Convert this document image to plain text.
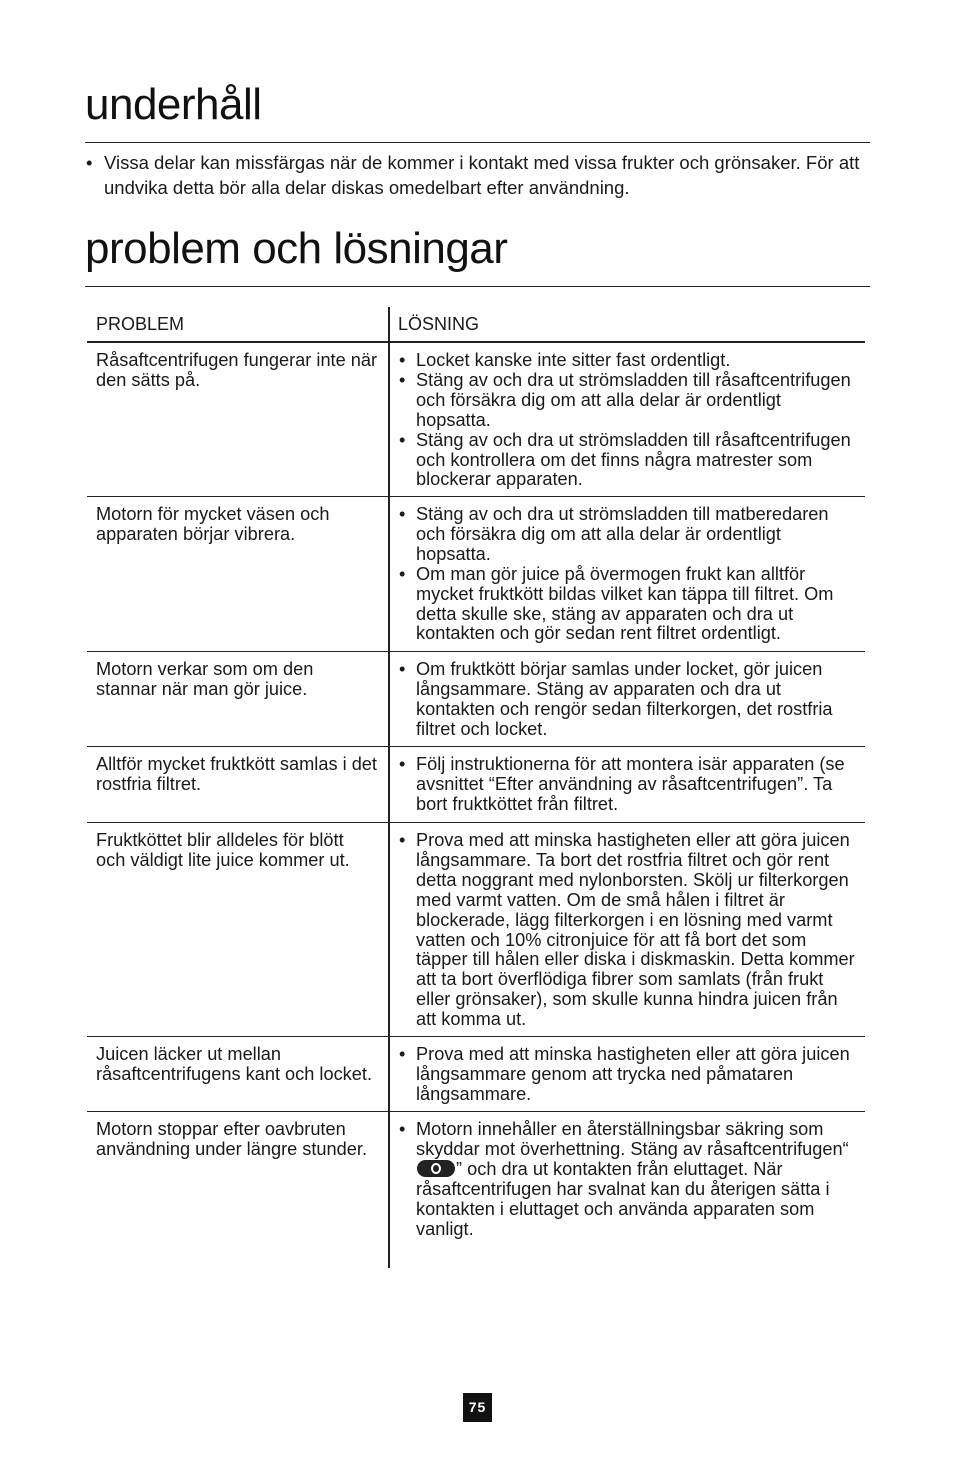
underhåll
• Vissa delar kan missfärgas när de kommer i kontakt med vissa frukter och grönsaker. För att undvika detta bör alla delar diskas omedelbart efter användning.
problem och lösningar
PROBLEM	LÖSNING
Råsaftcentrifugen fungerar inte när den sätts på.
• Locket kanske inte sitter fast ordentligt.
• Stäng av och dra ut strömsladden till råsaftcentrifugen och försäkra dig om att alla delar är ordentligt hopsatta.
• Stäng av och dra ut strömsladden till råsaftcentrifugen och kontrollera om det finns några matrester som blockerar apparaten.
Motorn för mycket väsen och apparaten börjar vibrera.
• Stäng av och dra ut strömsladden till matberedaren och försäkra dig om att alla delar är ordentligt hopsatta.
• Om man gör juice på övermogen frukt kan alltför mycket fruktkött bildas vilket kan täppa till filtret. Om detta skulle ske, stäng av apparaten och dra ut kontakten och gör sedan rent filtret ordentligt.
Motorn verkar som om den stannar när man gör juice.
• Om fruktkött börjar samlas under locket, gör juicen långsammare. Stäng av apparaten och dra ut kontakten och rengör sedan filterkorgen, det rostfria filtret och locket.
Alltför mycket fruktkött samlas i det rostfria filtret.
• Följ instruktionerna för att montera isär apparaten (se avsnittet “Efter användning av råsaftcentrifugen”. Ta bort fruktköttet från filtret.
Fruktköttet blir alldeles för blött och väldigt lite juice kommer ut.
• Prova med att minska hastigheten eller att göra juicen långsammare. Ta bort det rostfria filtret och gör rent detta noggrant med nylonborsten. Skölj ur filterkorgen med varmt vatten. Om de små hålen i filtret är blockerade, lägg filterkorgen i en lösning med varmt vatten och 10% citronjuice för att få bort det som täpper till hålen eller diska i diskmaskin. Detta kommer att ta bort överflödiga fibrer som samlats (från frukt eller grönsaker), som skulle kunna hindra juicen från att komma ut.
Juicen läcker ut mellan råsaftcentrifugens kant och locket.
• Prova med att minska hastigheten eller att göra juicen långsammare genom att trycka ned påmataren långsammare.
Motorn stoppar efter oavbruten användning under längre stunder.
• Motorn innehåller en återställningsbar säkring som skyddar mot överhettning. Stäng av råsaftcentrifugen“” och dra ut kontakten från eluttaget. När råsaftcentrifugen har svalnat kan du återigen sätta i kontakten i eluttaget och använda apparaten som vanligt.
75
